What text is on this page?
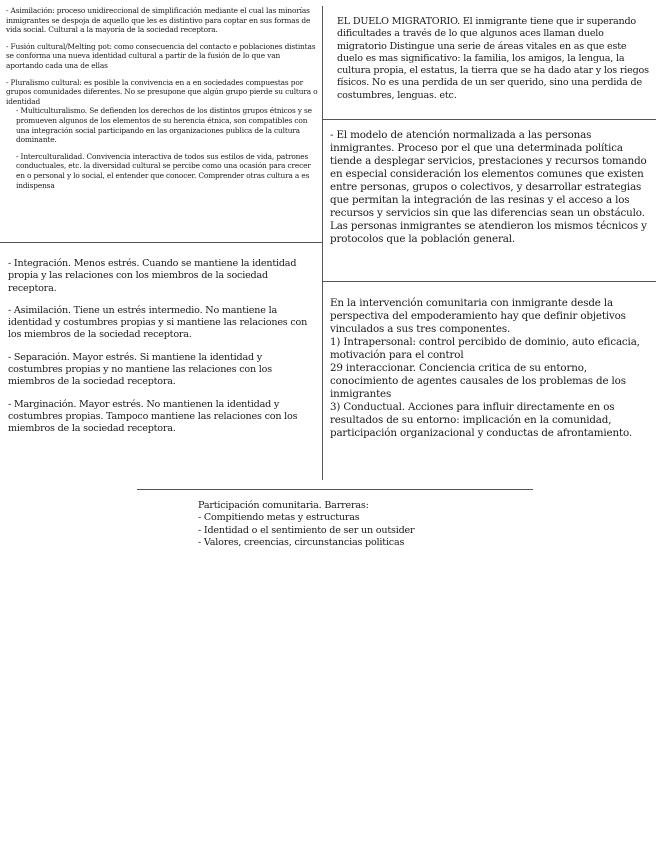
- Asimilación: proceso unidireccional de simplificación mediante el cual las minorías inmigrantes se despoja de aquello que les es distintivo para coptar en sus formas de vida social. Cultural a la mayoría de la sociedad receptora.

- Fusión cultural/Melting pot: como consecuencia del contacto e poblaciones distintas se conforma una nueva identidad cultural a partir de la fusión de lo que van aportando cada una de ellas

- Pluralismo cultural: es posible la convivencia en a en sociedades compuestas por grupos comunidades diferentes. No se presupone que algún grupo pierde su cultura o identidad

- Multiculturalismo. Se defienden los derechos de los distintos grupos étnicos y se promueven algunos de los elementos de su herencia étnica, son compatibles con una integración social participando en las organizaciones publica de la cultura dominante.

- Interculturalidad. Convivencia interactiva de todos sus estilos de vida, patrones conductuales, etc. la diversidad cultural se percibe como una ocasión para crecer en o personal y lo social, el entender que conocer. Comprender otras cultura a es indispensa

EL DUELO MIGRATORIO. El inmigrante tiene que ir superando dificultades a través de lo que algunos aces llaman duelo migratorio Distingue una serie de áreas vitales en as que este duelo es mas significativo: la familia, los amigos, la lengua, la cultura propia, el estatus, la tierra que se ha dado atar y los riegos físicos. No es una perdida de un ser querido, sino una perdida de costumbres, lenguas. etc.

- El modelo de atención normalizada a las personas inmigrantes. Proceso por el que una determinada política tiende a desplegar servicios, prestaciones y recursos tomando en especial consideración los elementos comunes que existen entre personas, grupos o colectivos, y desarrollar estrategias que permitan la integración de las resinas y el acceso a los recursos y servicios sin que las diferencias sean un obstáculo. Las personas inmigrantes se atendieron los mismos técnicos y protocolos que la población general.

- Integración. Menos estrés. Cuando se mantiene la identidad propia y las relaciones con los miembros de la sociedad receptora.

- Asimilación. Tiene un estrés intermedio. No mantiene la identidad y costumbres propias y si mantiene las relaciones con los miembros de la sociedad receptora.

- Separación. Mayor estrés. Si mantiene la identidad y costumbres propias y no mantiene las relaciones con los miembros de la sociedad receptora.

- Marginación. Mayor estrés. No mantienen la identidad y costumbres propias. Tampoco mantiene las relaciones con los miembros de la sociedad receptora.

En la intervención comunitaria con inmigrante desde la perspectiva del empoderamiento hay que definir objetivos vinculados a sus tres componentes.

1) Intrapersonal: control percibido de dominio, auto eficacia, motivación para el control

29 interaccionar. Conciencia critica de su entorno, conocimiento de agentes causales de los problemas de los inmigrantes

3) Conductual. Acciones para influir directamente en os resultados de su entorno: implicación en la comunidad, participación organizacional y conductas de afrontamiento.

Participación comunitaria. Barreras:

- Compitiendo metas y estructuras

- Identidad o el sentimiento de ser un outsider

- Valores, creencias, circunstancias politicas
